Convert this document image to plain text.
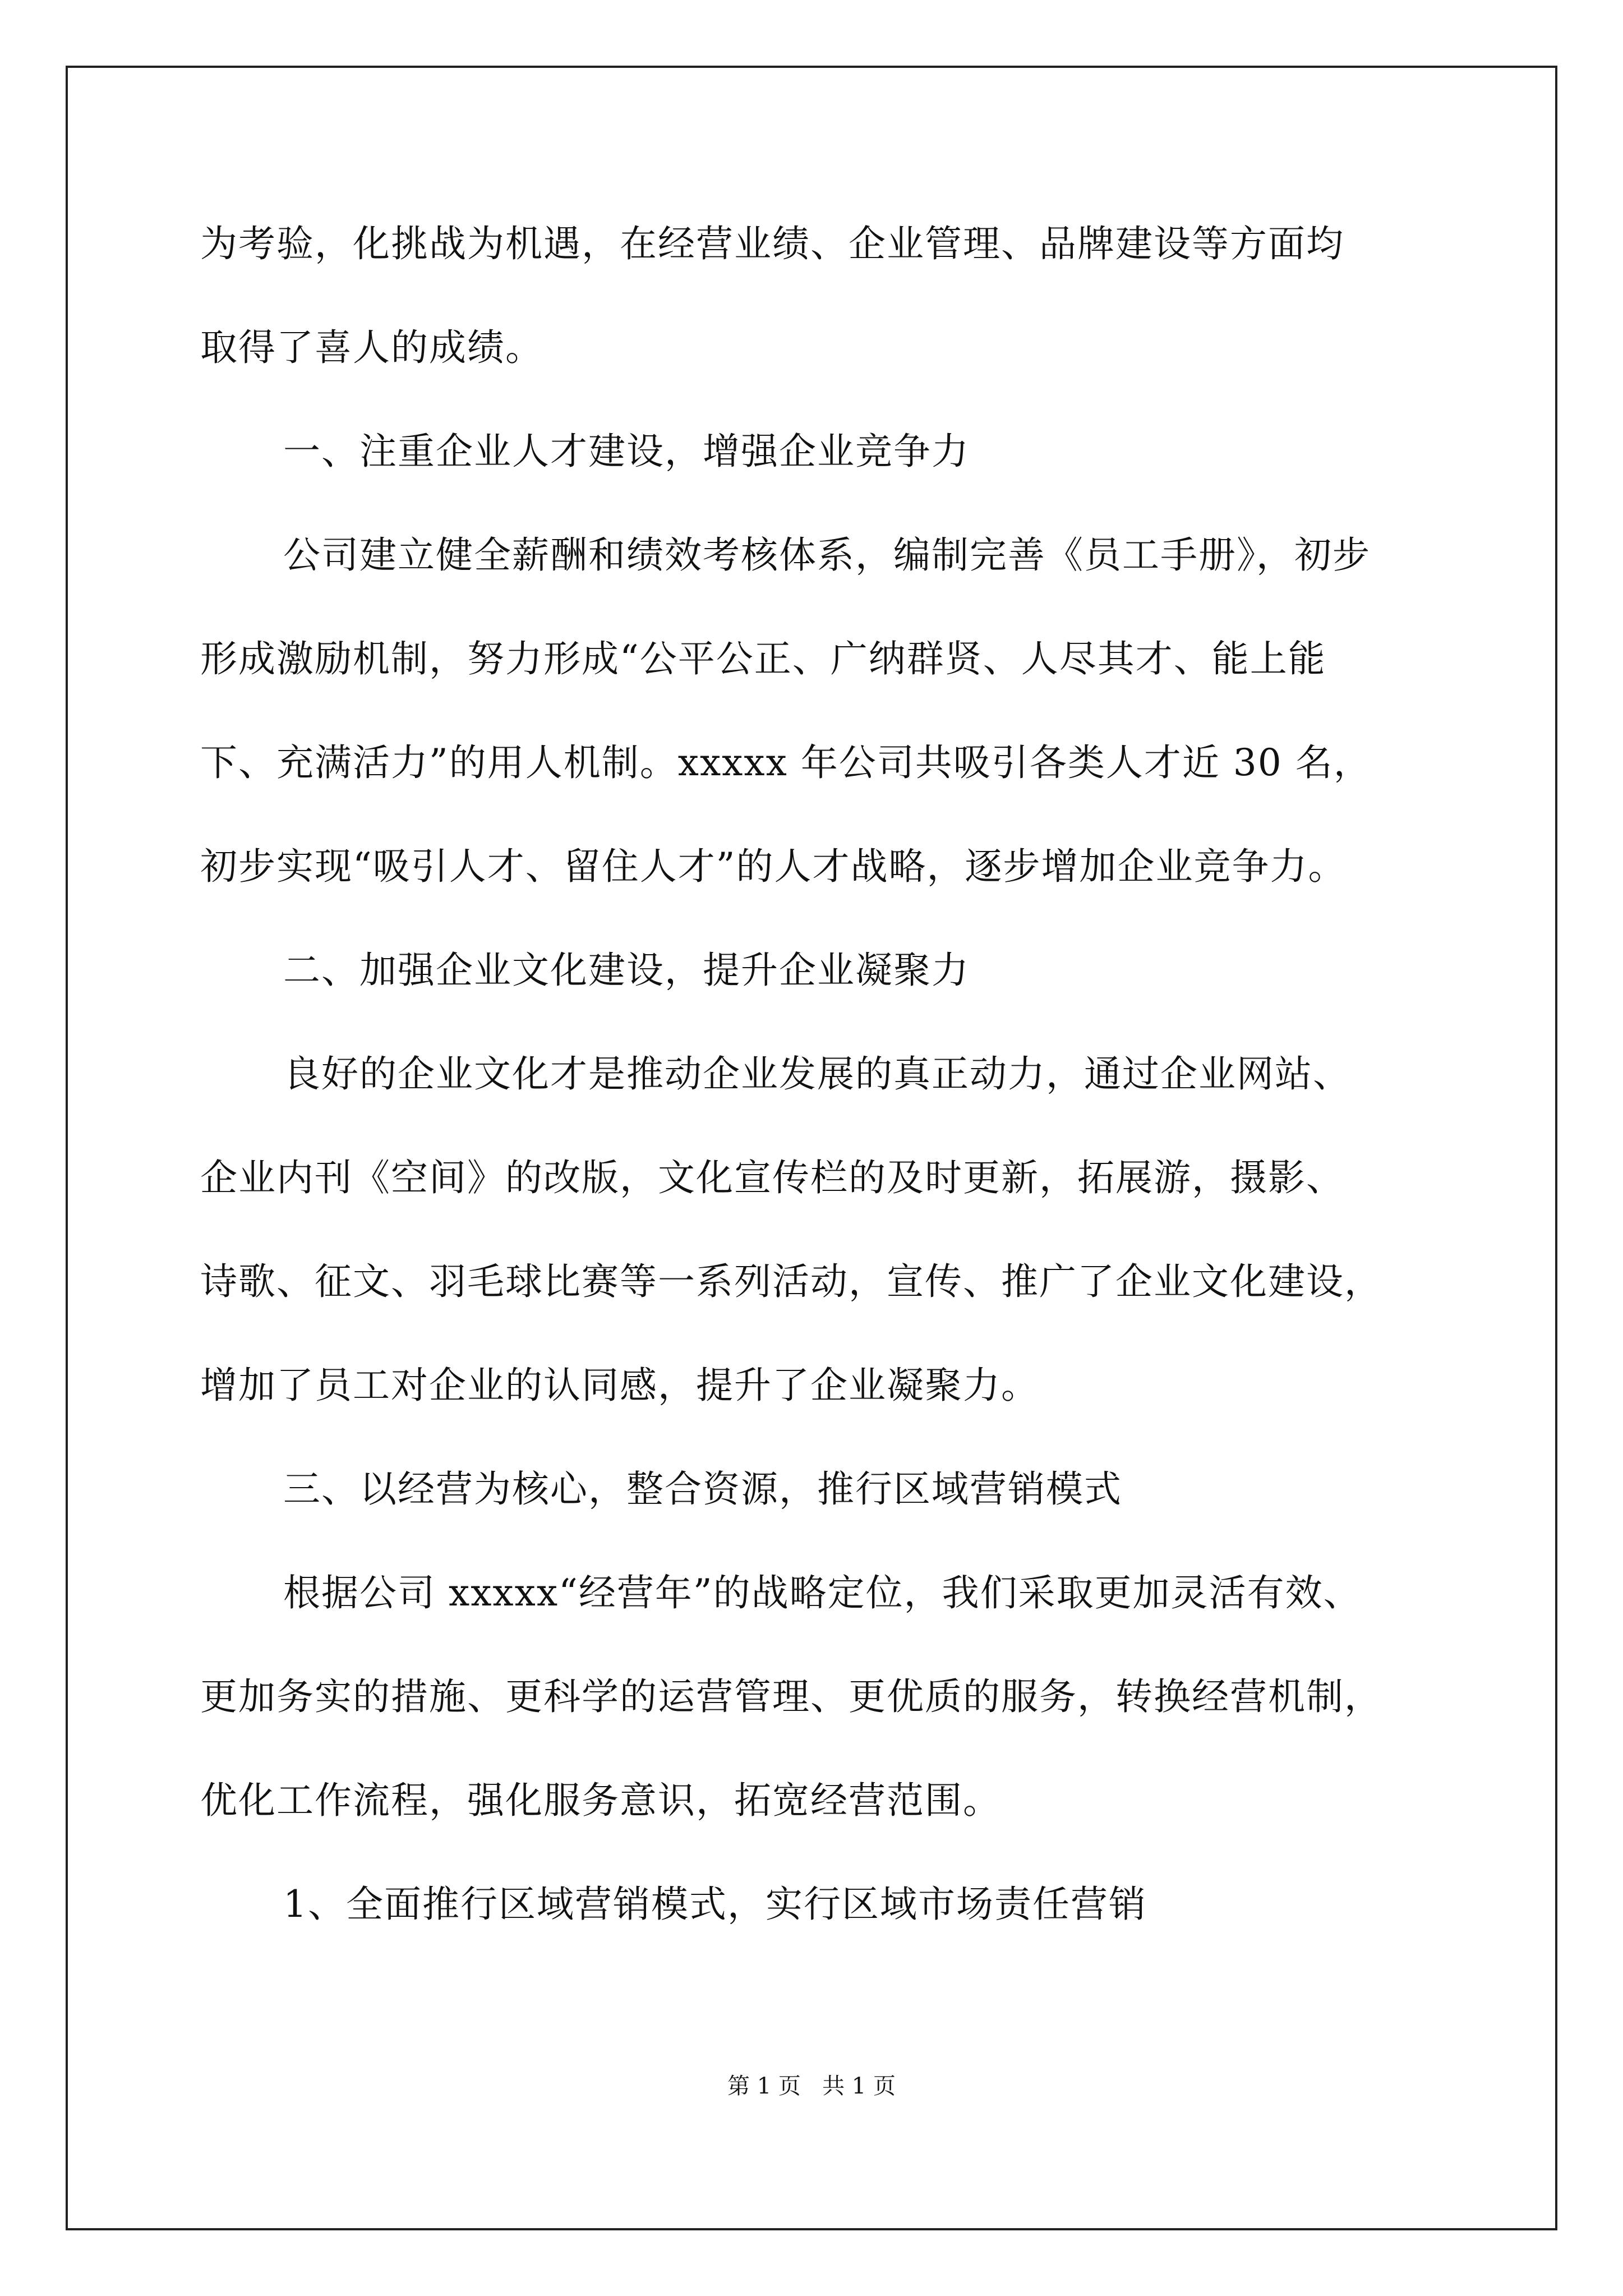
为考验，化挑战为机遇，在经营业绩、企业管理、品牌建设等方面均
取得了喜人的成绩。
一、注重企业人才建设，增强企业竞争力
公司建立健全薪酬和绩效考核体系，编制完善《员工手册》，初步
形成激励机制，努力形成“公平公正、广纳群贤、人尽其才、能上能
下、充满活力”的用人机制。xxxxx 年公司共吸引各类人才近 30 名，
初步实现“吸引人才、留住人才”的人才战略，逐步增加企业竞争力。
二、加强企业文化建设，提升企业凝聚力
良好的企业文化才是推动企业发展的真正动力，通过企业网站、
企业内刊《空间》的改版，文化宣传栏的及时更新，拓展游，摄影、
诗歌、征文、羽毛球比赛等一系列活动，宣传、推广了企业文化建设，
增加了员工对企业的认同感，提升了企业凝聚力。
三、以经营为核心，整合资源，推行区域营销模式
根据公司 xxxxx“经营年”的战略定位，我们采取更加灵活有效、
更加务实的措施、更科学的运营管理、更优质的服务，转换经营机制，
优化工作流程，强化服务意识，拓宽经营范围。
1、全面推行区域营销模式，实行区域市场责任营销
第 1 页   共 1 页
